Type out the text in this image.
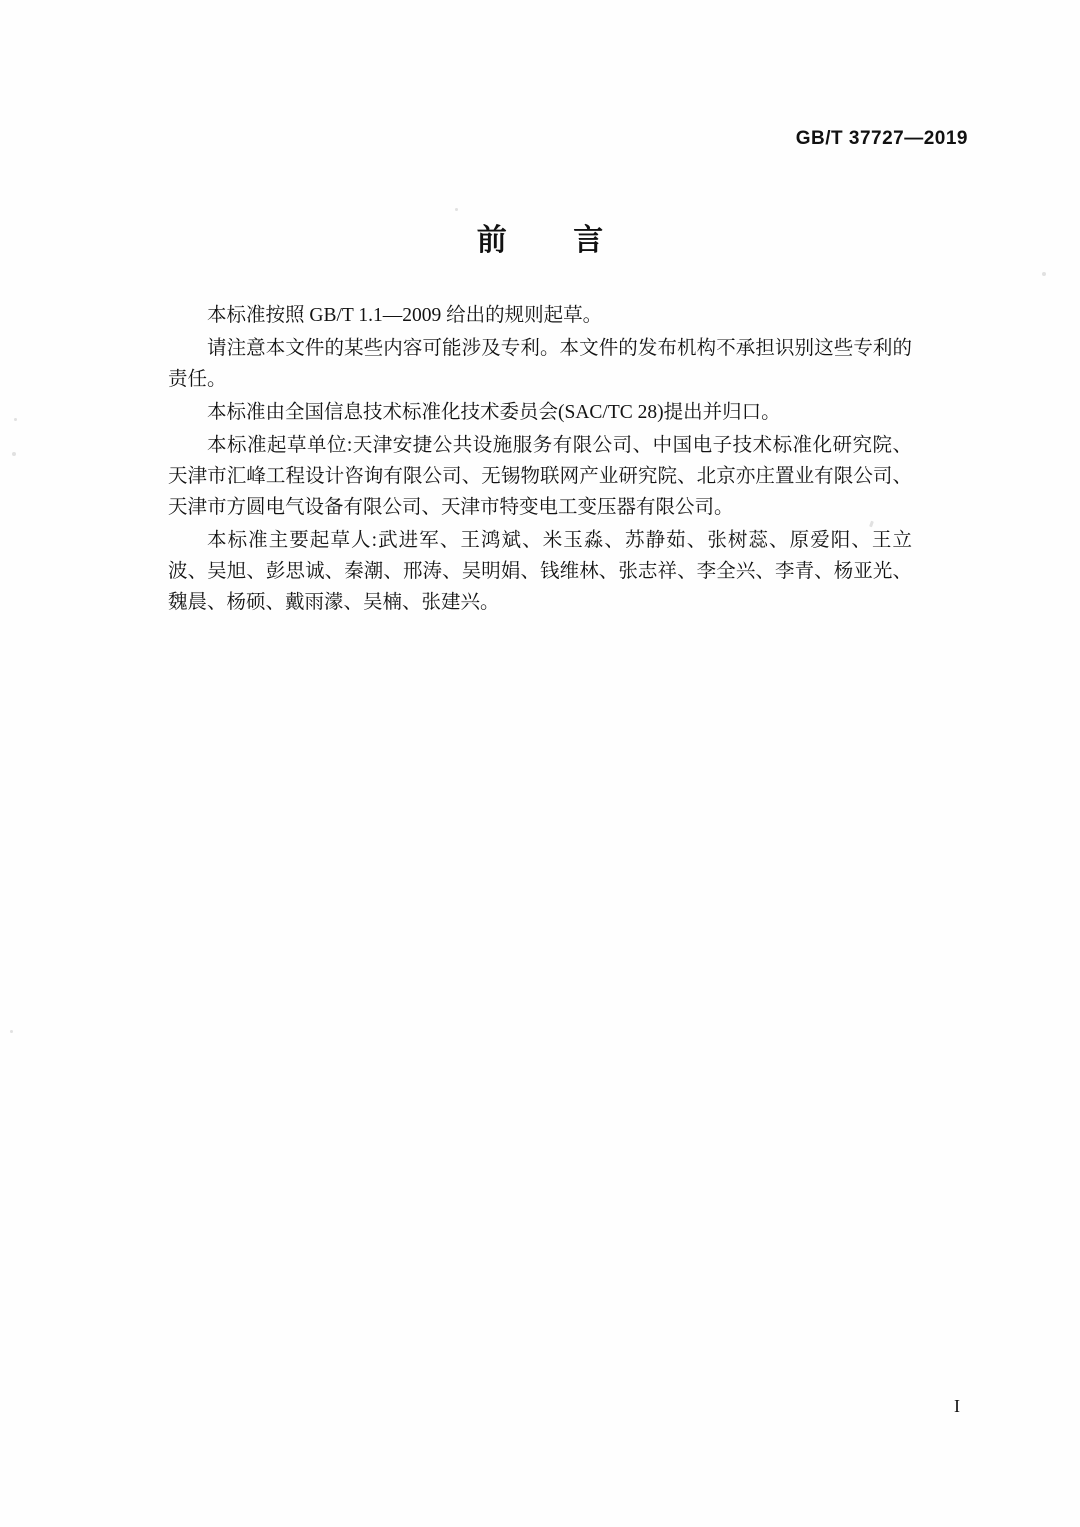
GB/T 37727—2019
前 言

本标准按照 GB/T 1.1—2009 给出的规则起草。

请注意本文件的某些内容可能涉及专利。本文件的发布机构不承担识别这些专利的责任。

本标准由全国信息技术标准化技术委员会(SAC/TC 28)提出并归口。

本标准起草单位:天津安捷公共设施服务有限公司、中国电子技术标准化研究院、天津市汇峰工程设计咨询有限公司、无锡物联网产业研究院、北京亦庄置业有限公司、天津市方圆电气设备有限公司、天津市特变电工变压器有限公司。

本标准主要起草人:武进军、王鸿斌、米玉淼、苏静茹、张树蕊、原爱阳、王立波、吴旭、彭思诚、秦潮、邢涛、吴明娟、钱维林、张志祥、李全兴、李青、杨亚光、魏晨、杨硕、戴雨濛、吴楠、张建兴。

I
